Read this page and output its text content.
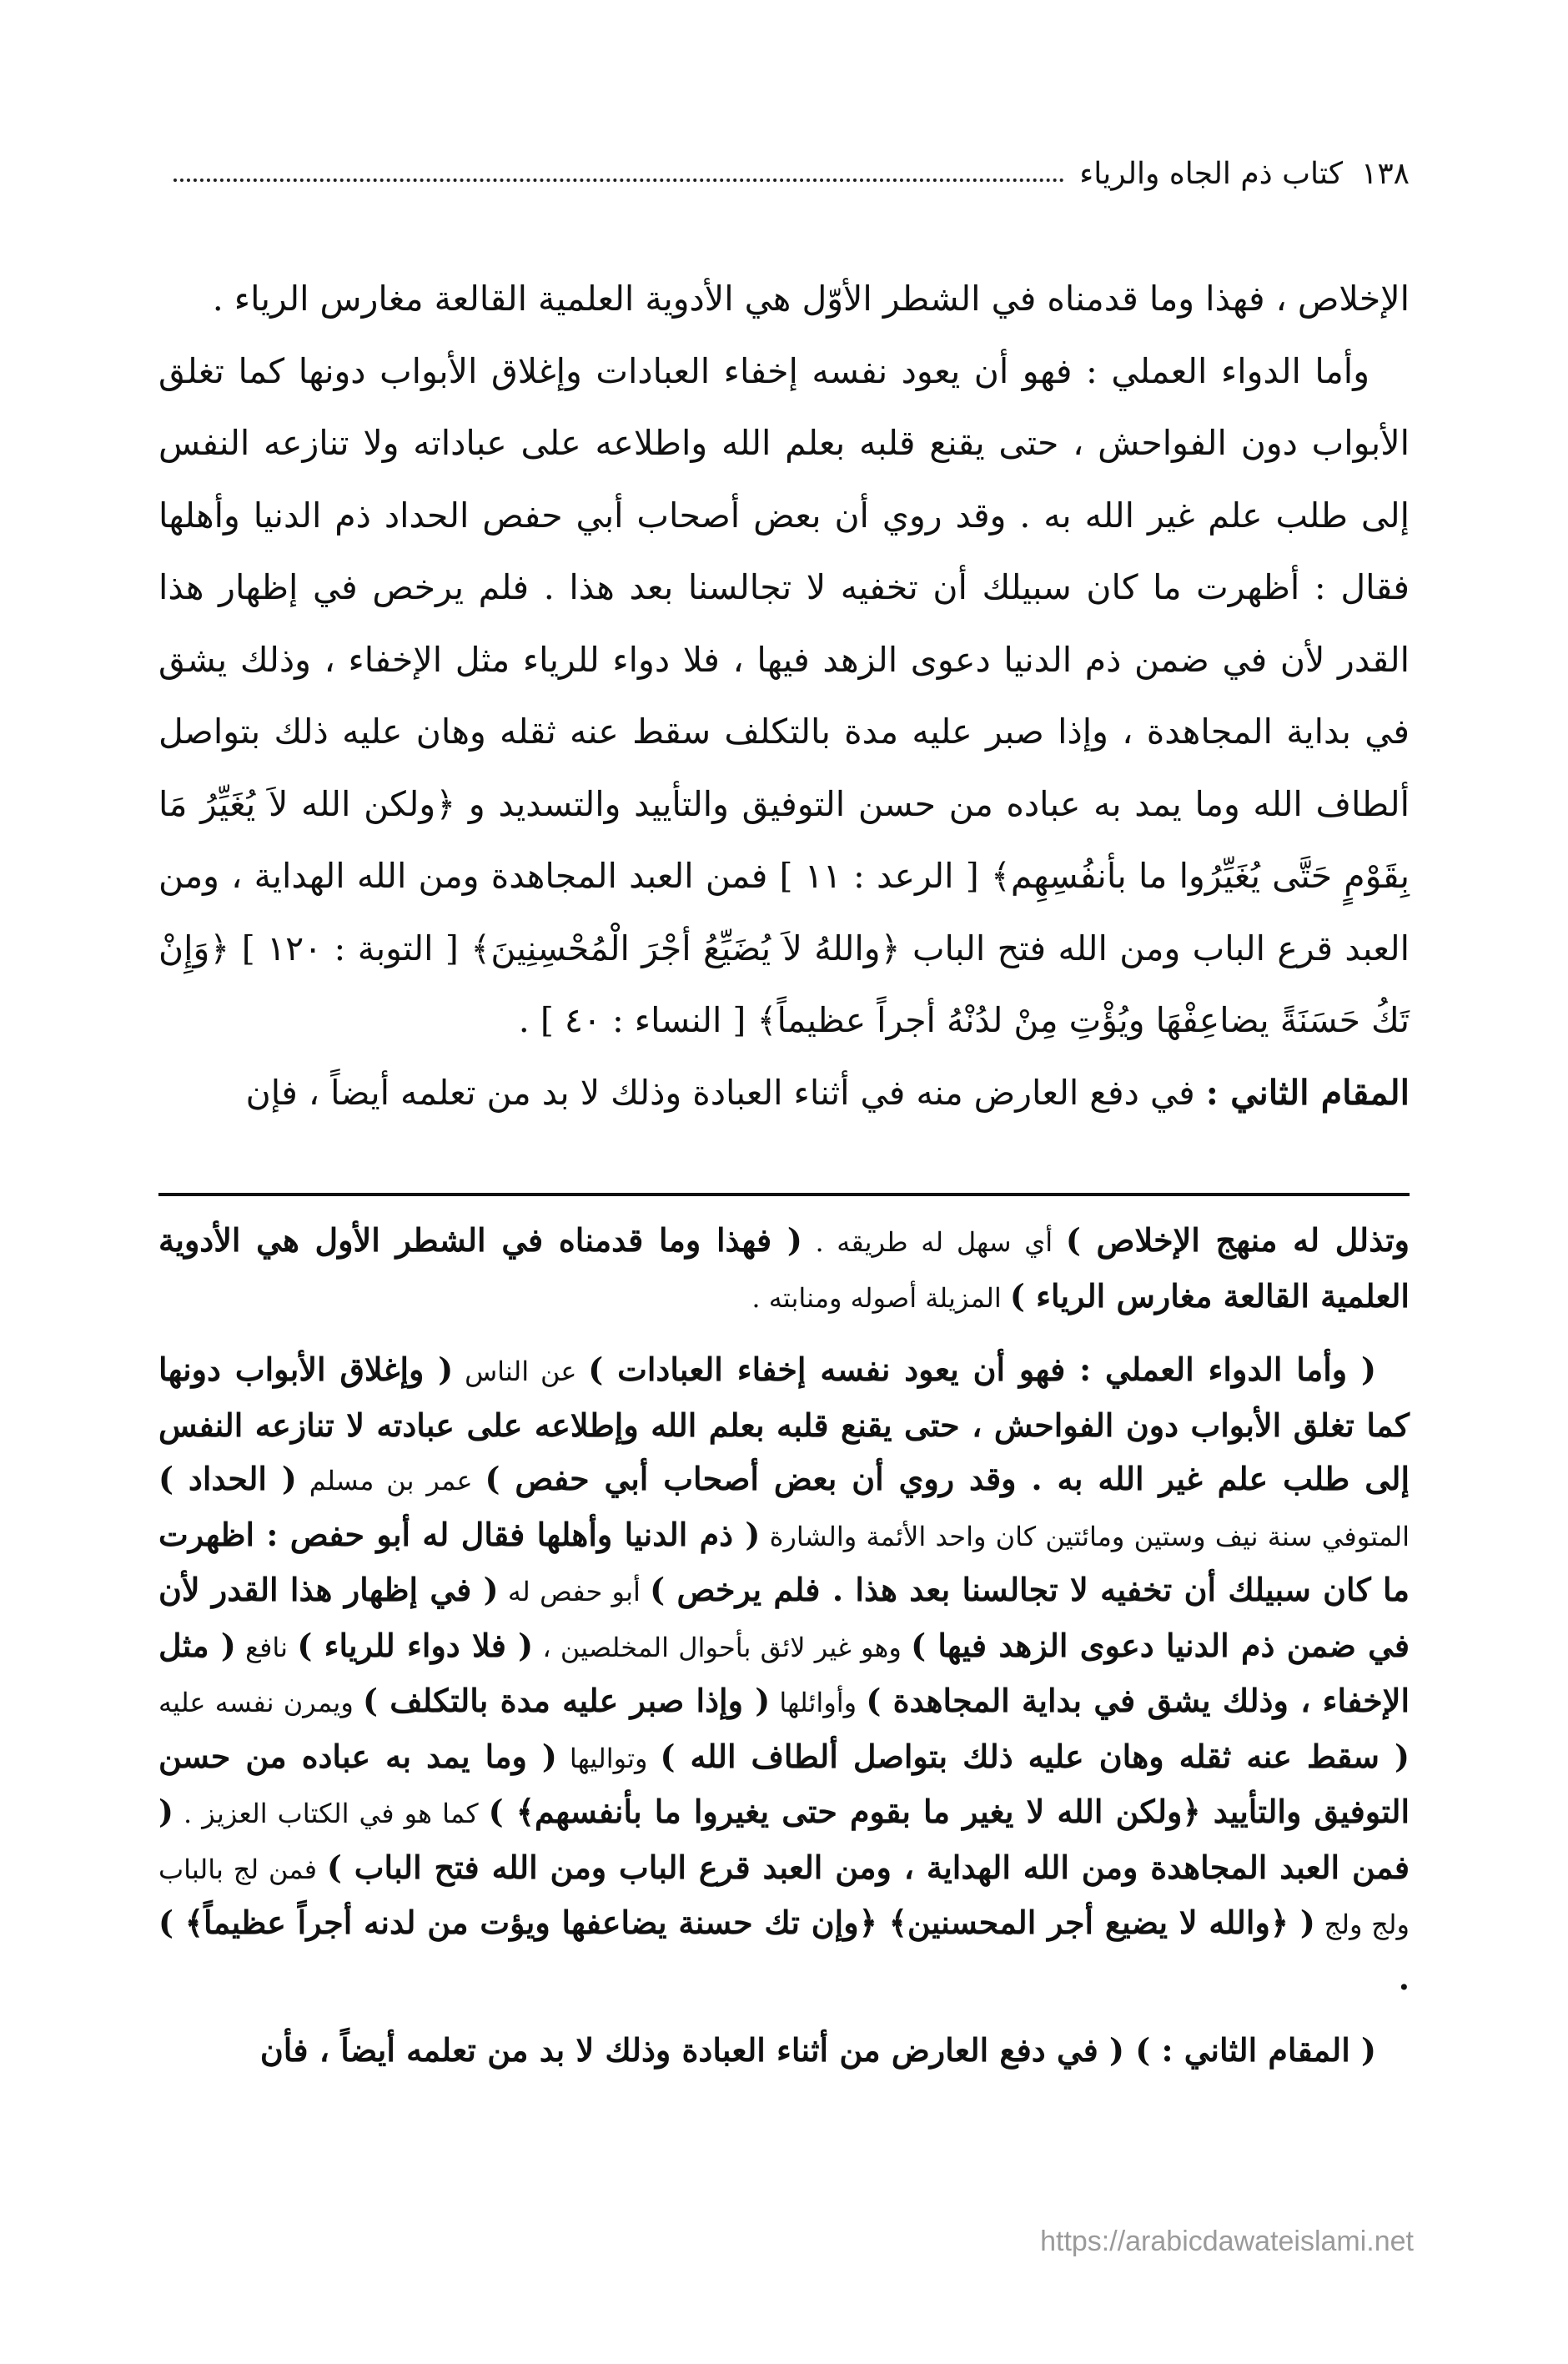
١٣٨
كتاب ذم الجاه والرياء

الإخلاص ، فهذا وما قدمناه في الشطر الأوّل هي الأدوية العلمية القالعة مغارس الرياء .

وأما الدواء العملي : فهو أن يعود نفسه إخفاء العبادات وإغلاق الأبواب دونها كما تغلق الأبواب دون الفواحش ، حتى يقنع قلبه بعلم الله واطلاعه على عباداته ولا تنازعه النفس إلى طلب علم غير الله به . وقد روي أن بعض أصحاب أبي حفص الحداد ذم الدنيا وأهلها فقال : أظهرت ما كان سبيلك أن تخفيه لا تجالسنا بعد هذا . فلم يرخص في إظهار هذا القدر لأن في ضمن ذم الدنيا دعوى الزهد فيها ، فلا دواء للرياء مثل الإخفاء ، وذلك يشق في بداية المجاهدة ، وإذا صبر عليه مدة بالتكلف سقط عنه ثقله وهان عليه ذلك بتواصل ألطاف الله وما يمد به عباده من حسن التوفيق والتأييد والتسديد و ﴿ولكن الله لاَ يُغَيِّرُ مَا بِقَوْمٍ حَتَّى يُغَيِّرُوا ما بأنفُسِهِم﴾ [ الرعد : ١١ ] فمن العبد المجاهدة ومن الله الهداية ، ومن العبد قرع الباب ومن الله فتح الباب ﴿واللهُ لاَ يُضَيِّعُ أجْرَ الْمُحْسِنِينَ﴾ [ التوبة : ١٢٠ ] ﴿وَإِنْ تَكُ حَسَنَةً يضاعِفْهَا ويُؤْتِ مِنْ لدُنْهُ أجراً عظيماً﴾ [ النساء : ٤٠ ] .

المقام الثاني : في دفع العارض منه في أثناء العبادة وذلك لا بد من تعلمه أيضاً ، فإن

وتذلل له منهج الإخلاص ) أي سهل له طريقه . ( فهذا وما قدمناه في الشطر الأول هي الأدوية العلمية القالعة مغارس الرياء ) المزيلة أصوله ومنابته .

( وأما الدواء العملي : فهو أن يعود نفسه إخفاء العبادات ) عن الناس ( وإغلاق الأبواب دونها كما تغلق الأبواب دون الفواحش ، حتى يقنع قلبه بعلم الله وإطلاعه على عبادته لا تنازعه النفس إلى طلب علم غير الله به . وقد روي أن بعض أصحاب أبي حفص ) عمر بن مسلم ( الحداد ) المتوفي سنة نيف وستين ومائتين كان واحد الأئمة والشارة ( ذم الدنيا وأهلها فقال له أبو حفص : اظهرت ما كان سبيلك أن تخفيه لا تجالسنا بعد هذا . فلم يرخص ) أبو حفص له ( في إظهار هذا القدر لأن في ضمن ذم الدنيا دعوى الزهد فيها ) وهو غير لائق بأحوال المخلصين ، ( فلا دواء للرياء ) نافع ( مثل الإخفاء ، وذلك يشق في بداية المجاهدة ) وأوائلها ( وإذا صبر عليه مدة بالتكلف ) ويمرن نفسه عليه ( سقط عنه ثقله وهان عليه ذلك بتواصل ألطاف الله ) وتواليها ( وما يمد به عباده من حسن التوفيق والتأييد ﴿ولكن الله لا يغير ما بقوم حتى يغيروا ما بأنفسهم﴾ ) كما هو في الكتاب العزيز . ( فمن العبد المجاهدة ومن الله الهداية ، ومن العبد قرع الباب ومن الله فتح الباب ) فمن لج بالباب ولج ولج ( ﴿والله لا يضيع أجر المحسنين﴾ ﴿وإن تك حسنة يضاعفها ويؤت من لدنه أجراً عظيماً﴾ ) .

( المقام الثاني : ) ( في دفع العارض من أثناء العبادة وذلك لا بد من تعلمه أيضاً ، فأن

https://arabicdawateislami.net
